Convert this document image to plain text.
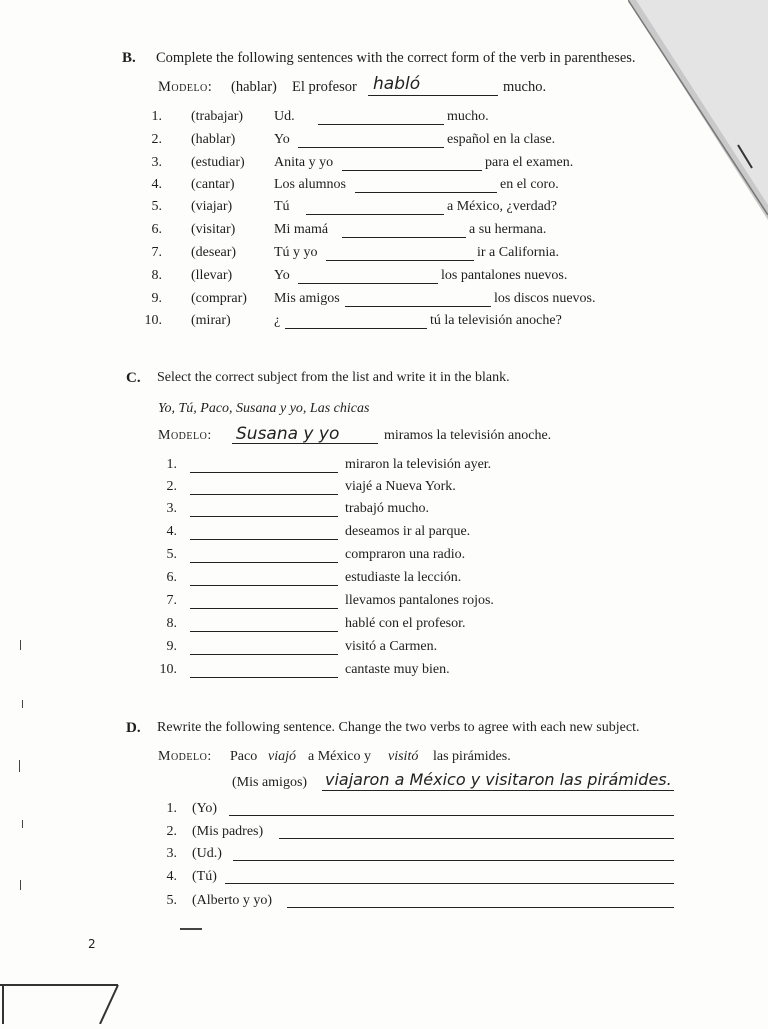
B. Complete the following sentences with the correct form of the verb in parentheses.
Modelo: (hablar) El profesor habló	mucho.
1. (trabajar) Ud.	mucho.
2. (hablar)	Yo	español en la clase.
3. (estudiar) Anita y yo	para el examen.
4. (cantar)	Los alumnos	en el coro.
5. (viajar)	Tú	a México, ¿verdad?
6. (visitar)	Mi mamá	a su hermana.
7. (desear)	Tú y yo	ir a California.
8. (llevar)	Yo	los pantalones nuevos.
9. (comprar) Mis amigos	los discos nuevos.
10. (mirar)	¿	tú la televisión anoche?
C. Select the correct subject from the list and write it in the blank.
Yo, Tú, Paco, Susana y yo, Las chicas
Modelo: Susana y yo	miramos la televisión anoche.
1.	miraron la televisión ayer.
2.	viajé a Nueva York.
3.	trabajó mucho.
4.	deseamos ir al parque.
5.	compraron una radio.
6.	estudiaste la lección.
7.	llevamos pantalones rojos.
8.	hablé con el profesor.
9.	visitó a Carmen.
10.	cantaste muy bien.
D. Rewrite the following sentence. Change the two verbs to agree with each new subject.
Modelo: Paco viajó a México y visitó las pirámides.
(Mis amigos) viajaron a México y visitaron las pirámides.
1. (Yo)
2. (Mis padres)
3. (Ud.)
4. (Tú)
5. (Alberto y yo)
2
